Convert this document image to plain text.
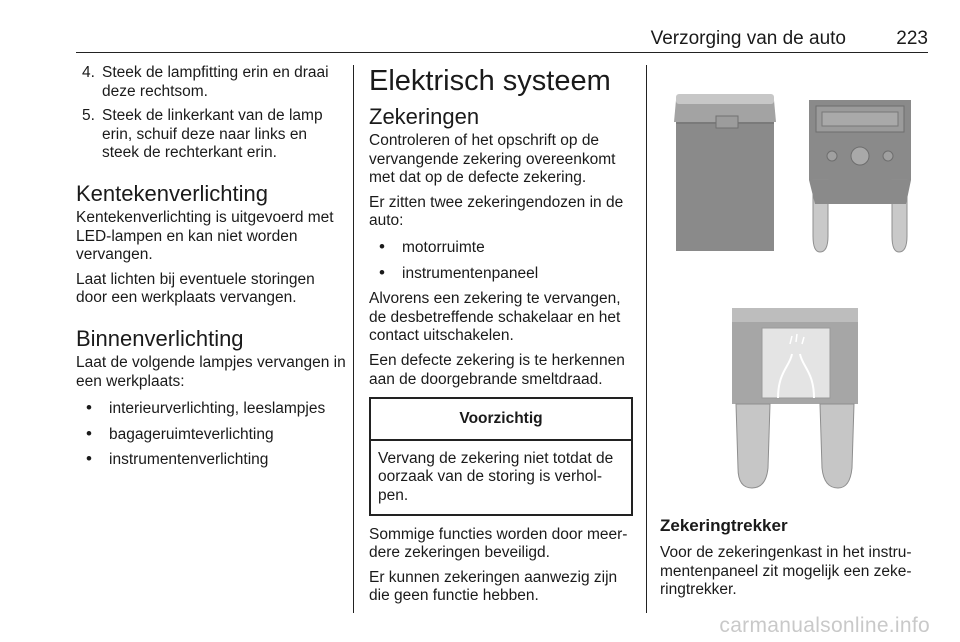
Verzorging van de auto	223
4. Steek de lampfitting erin en draai deze rechtsom.
5. Steek de linkerkant van de lamp erin, schuif deze naar links en steek de rechterkant erin.
Kentekenverlichting

Kentekenverlichting is uitgevoerd met LED-lampen en kan niet worden vervangen.

Laat lichten bij eventuele storingen door een werkplaats vervangen.

Binnenverlichting

Laat de volgende lampjes vervangen in een werkplaats:

• interieurverlichting, leeslampjes
• bagageruimteverlichting
• instrumentenverlichting
Elektrisch systeem
Zekeringen

Controleren of het opschrift op de vervangende zekering overeenkomt met dat op de defecte zekering.

Er zitten twee zekeringendozen in de auto:

• motorruimte
• instrumentenpaneel

Alvorens een zekering te vervangen, de desbetreffende schakelaar en het contact uitschakelen.

Een defecte zekering is te herkennen aan de doorgebrande smeltdraad.

Voorzichtig
Vervang de zekering niet totdat de oorzaak van de storing is verhol-pen.

Sommige functies worden door meer-dere zekeringen beveiligd.

Er kunnen zekeringen aanwezig zijn die geen functie hebben.

Zekeringtrekker

Voor de zekeringenkast in het instru-mentenpaneel zit mogelijk een zeke-ringtrekker.

carmanualsonline.info
